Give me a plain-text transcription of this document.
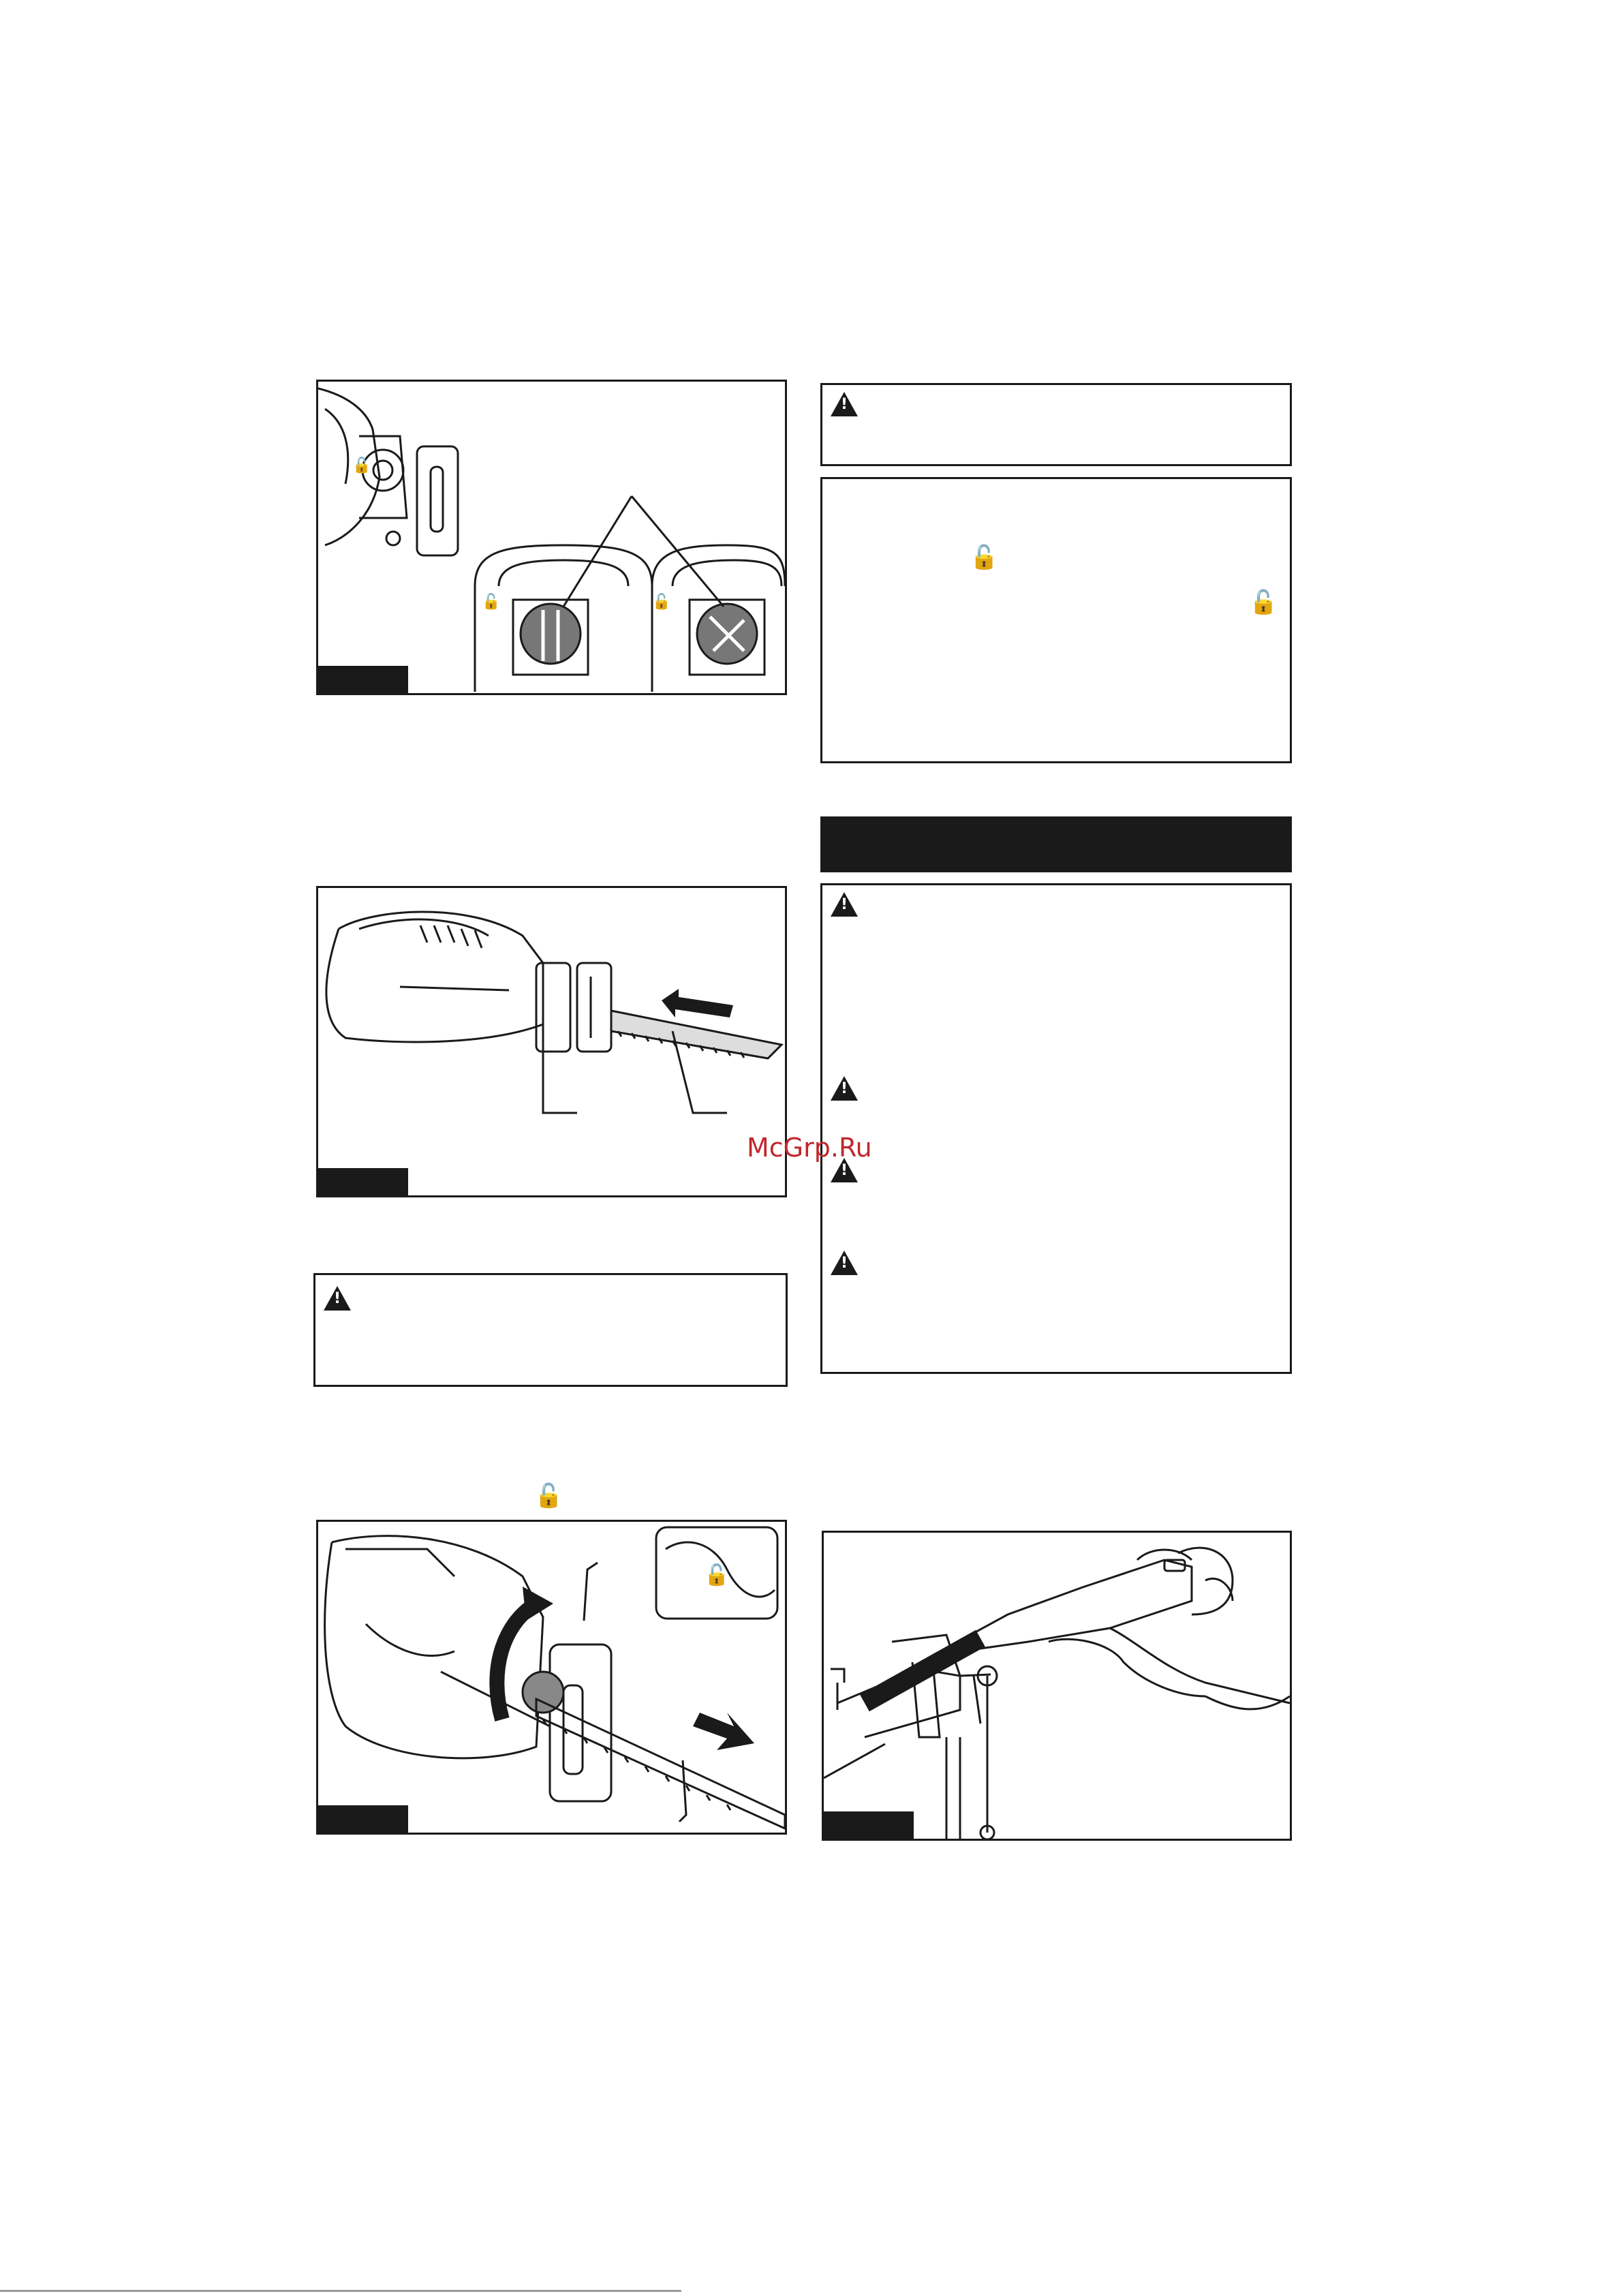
🔓
🔓	🔓
!
🔓
🔓
!
🔓
🔓
!
!
!
!
McGrp.Ru
